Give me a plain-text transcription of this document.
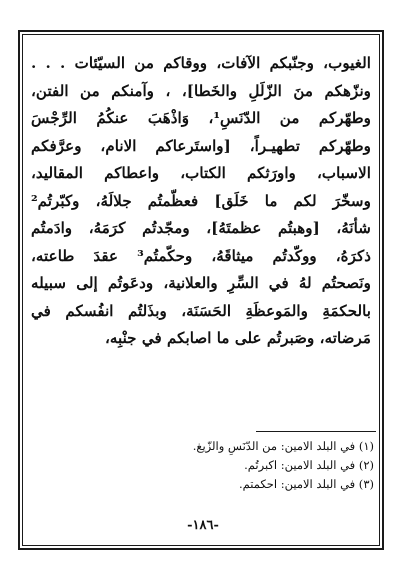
الغيوب، وجنّبكم الآفات، ووقاكم من السيّئات . . .
ونزّهكم منَ الزّلَلِ والخَطا]، ، وآمنكم من الفتن،
وطهّركم من الدّنَسِ¹، وَاذْهَبَ عنكُمُ الرِّجْسَ
وطهّركم تطهيـراً، [واستَرعاكم الانام، وعرَّفكم
الاسباب، واورَثكم الكتاب، واعطاكم المقاليد،
وسخّرَ لكم ما خَلَق] فعظّمتُم جلالَهُ، وكبّرتُم²
شأنَهُ، [وهبتُم عظمتَهُ]، ومجّدتُم كرَمَهُ، وادَمتُم
ذكرَهُ، ووكّدتُم ميثاقَهُ، وحكّمتُم³ عقدَ طاعته،
ونَصحتُم لهُ في السِّرِ والعلانية، ودعَوتُم إلى سبيله
بالحكمَةِ والمَوعظَةِ الحَسَنَة، وبذَلتُم انفُسكم في
مَرضاته، وصَبرتُم على ما اصابكم في جنْبِه،
(١) في البلد الامين: من الدّنَسِ والزّيغ.
(٢) في البلد الامين: اكبرتُم.
(٣) في البلد الامين: احكمتم.
-١٨٦-
